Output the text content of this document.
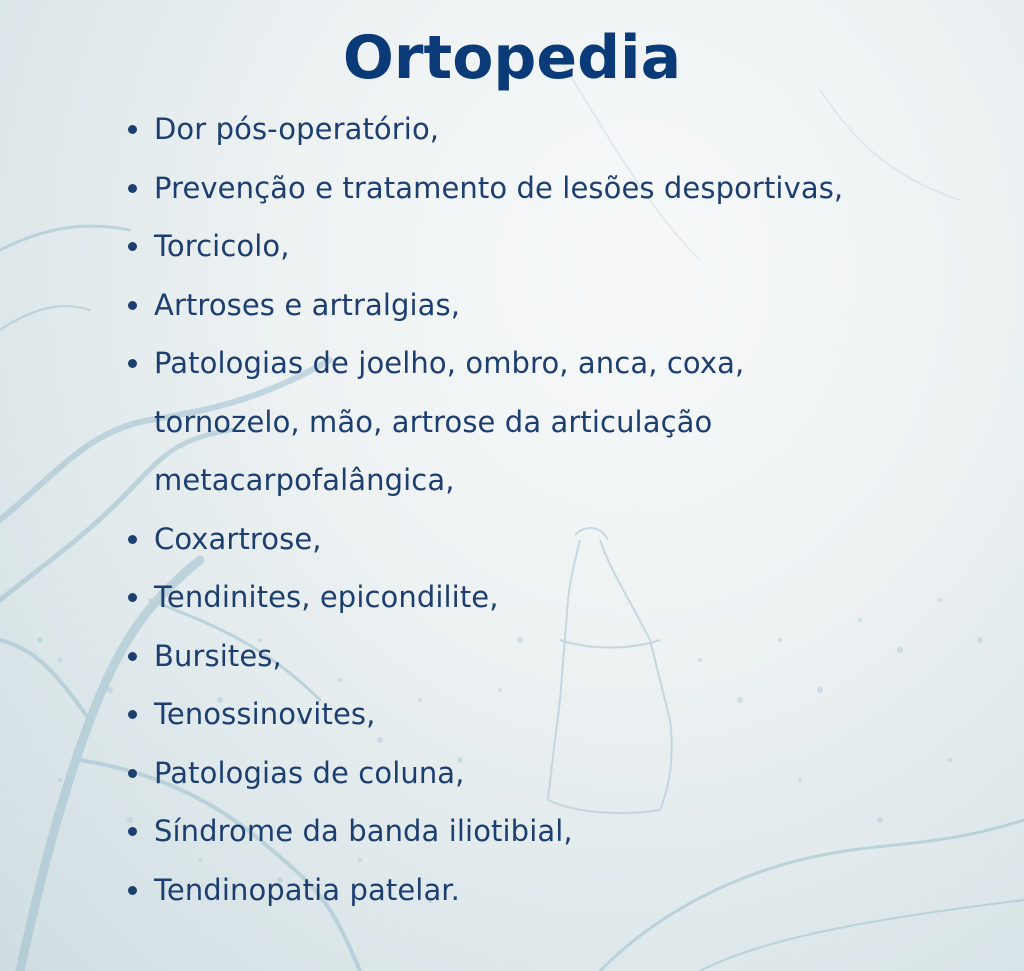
Ortopedia
Dor pós-operatório,
Prevenção e tratamento de lesões desportivas,
Torcicolo,
Artroses e artralgias,
Patologias de joelho, ombro, anca, coxa, tornozelo, mão, artrose da articulação metacarpofalângica,
Coxartrose,
Tendinites, epicondilite,
Bursites,
Tenossinovites,
Patologias de coluna,
Síndrome da banda iliotibial,
Tendinopatia patelar.
